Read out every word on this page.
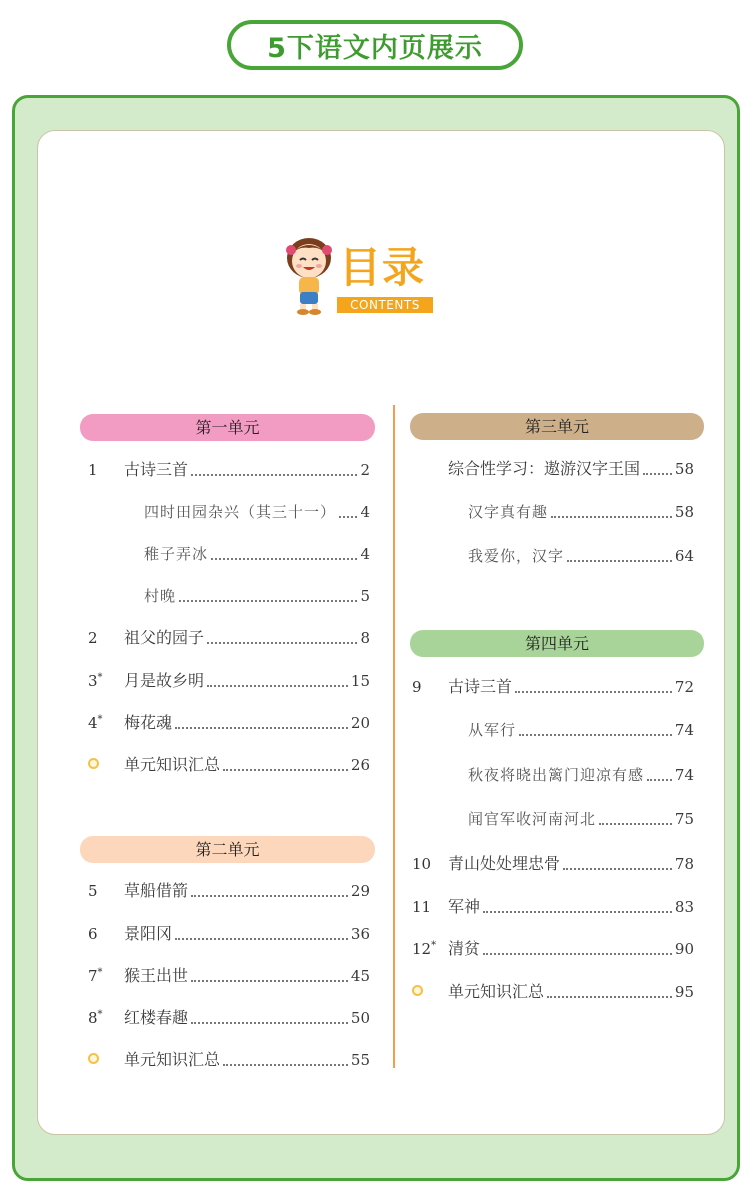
5下语文内页展示
目录
CONTENTS
第一单元
1	古诗三首	2
四时田园杂兴（其三十一） 4
稚子弄冰	4
村晚	5
2	祖父的园子	8
3*	月是故乡明	15
4*	梅花魂	20
单元知识汇总	26
第二单元
5	草船借箭	29
6	景阳冈	36
7*	猴王出世	45
8*	红楼春趣	50
单元知识汇总	55
第三单元
综合性学习：遨游汉字王国 58
汉字真有趣	58
我爱你，汉字	64
第四单元
9	古诗三首	72
从军行	74
秋夜将晓出篱门迎凉有感 74
闻官军收河南河北	75
10	青山处处埋忠骨	78
11	军神	83
12* 清贫	90
单元知识汇总	95
